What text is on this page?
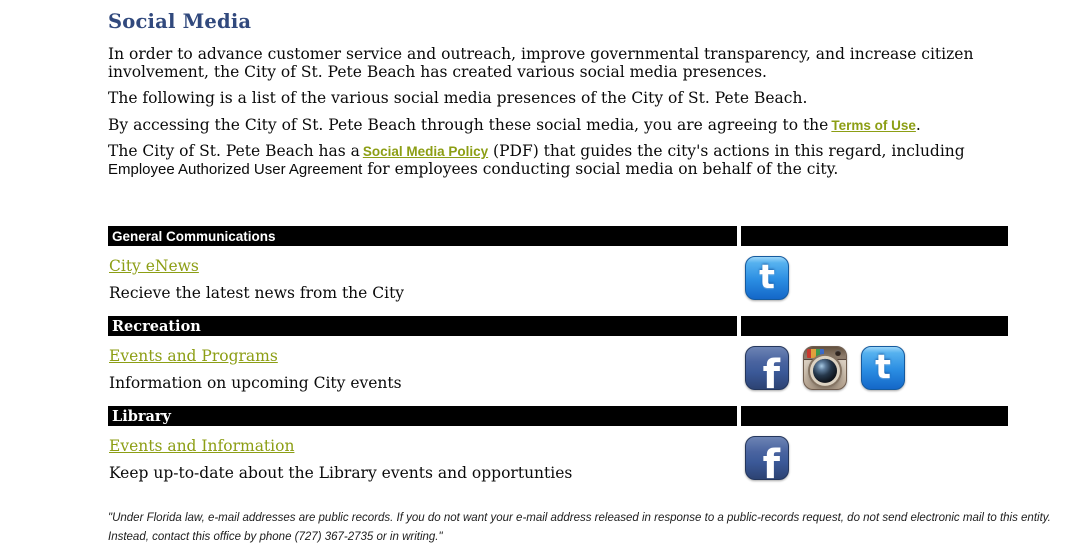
Social Media

In order to advance customer service and outreach, improve governmental transparency, and increase citizen involvement, the City of St. Pete Beach has created various social media presences.

The following is a list of the various social media presences of the City of St. Pete Beach.

By accessing the City of St. Pete Beach through these social media, you are agreeing to the Terms of Use.

The City of St. Pete Beach has a Social Media Policy (PDF) that guides the city's actions in this regard, including Employee Authorized User Agreement for employees conducting social media on behalf of the city.

General Communications
City eNews
Recieve the latest news from the City	t
Recreation
Events and Programs
Information on upcoming City events	f	t
Library
Events and Information
Keep up-to-date about the Library events and opportunties	f
"Under Florida law, e-mail addresses are public records. If you do not want your e-mail address released in response to a public-records request, do not send electronic mail to this entity. Instead, contact this office by phone (727) 367-2735 or in writing."
